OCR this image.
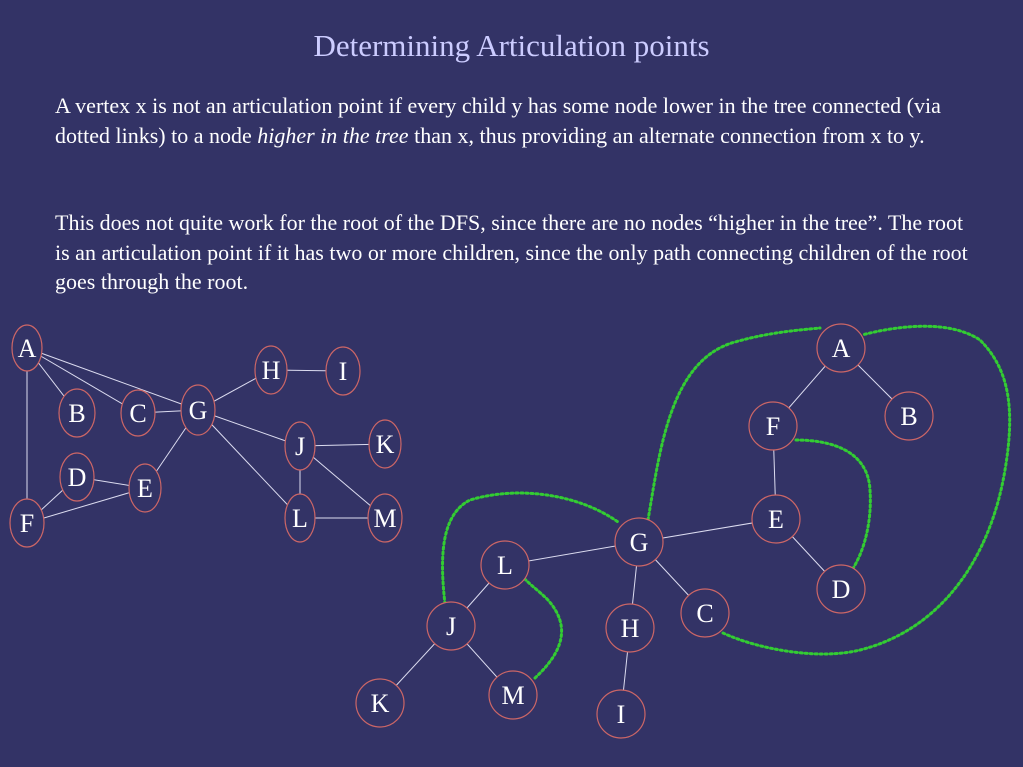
Determining Articulation points

A vertex x is not an articulation point if every child y has some node lower in the tree connected (via dotted links) to a node higher in the tree than x, thus providing an alternate connection from x to y.

This does not quite work for the root of the DFS, since there are no nodes “higher in the tree”. The root is an articulation point if it has two or more children, since the only path connecting children of the root goes through the root.

A
B C
D E
F
G
H I
J	K
L	M
A
B
F
E
D
G
L
J
K	M
H
I
C
